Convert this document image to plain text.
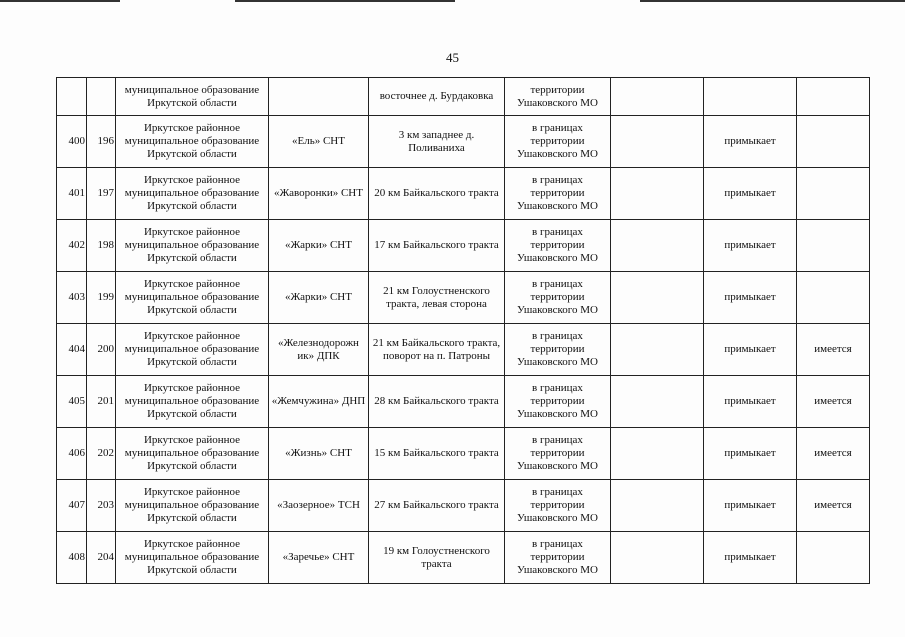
45
		муниципальное образование Иркутской области		восточнее д. Бурдаковка	территории Ушаковского МО			
400	196	Иркутское районное муниципальное образование Иркутской области	«Ель» СНТ	3 км западнее д. Поливаниха	в границах территории Ушаковского МО		примыкает	
401	197	Иркутское районное муниципальное образование Иркутской области	«Жаворонки» СНТ	20 км Байкальского тракта	в границах территории Ушаковского МО		примыкает	
402	198	Иркутское районное муниципальное образование Иркутской области	«Жарки» СНТ	17 км Байкальского тракта	в границах территории Ушаковского МО		примыкает	
403	199	Иркутское районное муниципальное образование Иркутской области	«Жарки» СНТ	21 км Голоустненского тракта, левая сторона	в границах территории Ушаковского МО		примыкает	
404	200	Иркутское районное муниципальное образование Иркутской области	«Железнодорожн ик» ДПК	21 км Байкальского тракта, поворот на п. Патроны	в границах территории Ушаковского МО		примыкает	имеется
405	201	Иркутское районное муниципальное образование Иркутской области	«Жемчужина» ДНП	28 км Байкальского тракта	в границах территории Ушаковского МО		примыкает	имеется
406	202	Иркутское районное муниципальное образование Иркутской области	«Жизнь» СНТ	15 км Байкальского тракта	в границах территории Ушаковского МО		примыкает	имеется
407	203	Иркутское районное муниципальное образование Иркутской области	«Заозерное» ТСН	27 км Байкальского тракта	в границах территории Ушаковского МО		примыкает	имеется
408	204	Иркутское районное муниципальное образование Иркутской области	«Заречье» СНТ	19 км Голоустненского тракта	в границах территории Ушаковского МО		примыкает	
